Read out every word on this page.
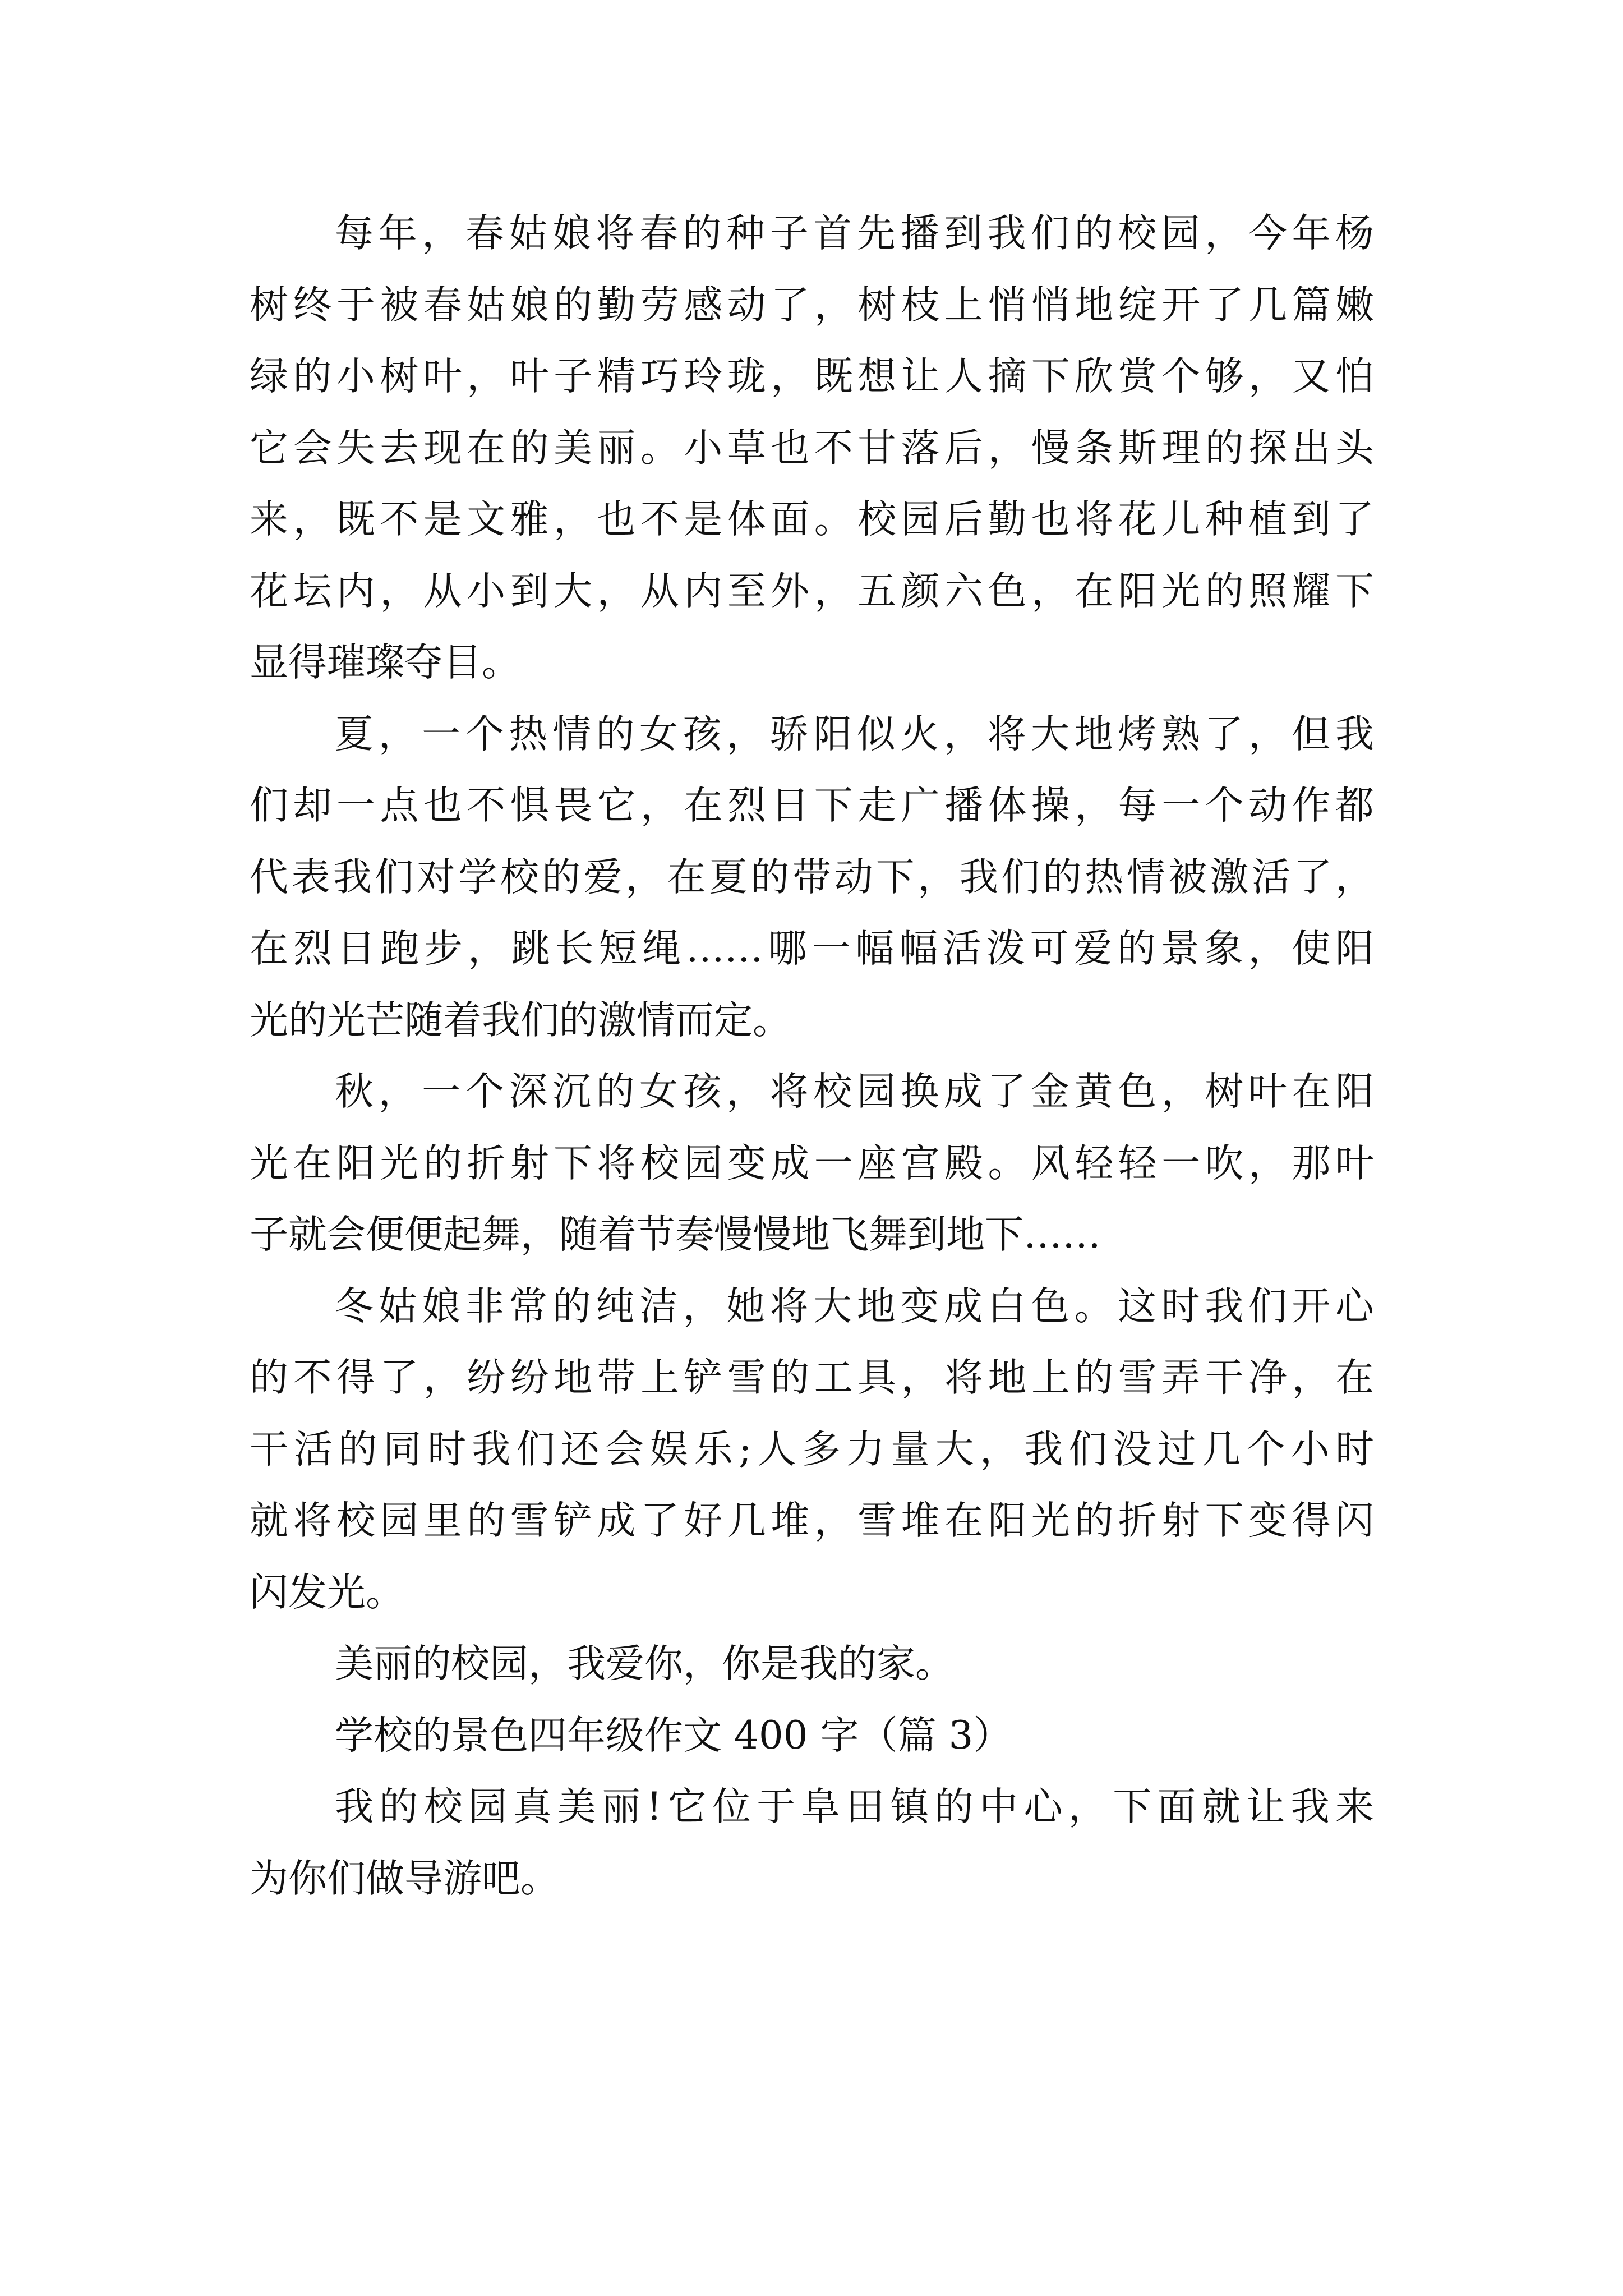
每年，春姑娘将春的种子首先播到我们的校园，今年杨
树终于被春姑娘的勤劳感动了，树枝上悄悄地绽开了几篇嫩
绿的小树叶，叶子精巧玲珑，既想让人摘下欣赏个够，又怕
它会失去现在的美丽。小草也不甘落后，慢条斯理的探出头
来，既不是文雅，也不是体面。校园后勤也将花儿种植到了
花坛内，从小到大，从内至外，五颜六色，在阳光的照耀下
显得璀璨夺目。
夏，一个热情的女孩，骄阳似火，将大地烤熟了，但我
们却一点也不惧畏它，在烈日下走广播体操，每一个动作都
代表我们对学校的爱，在夏的带动下，我们的热情被激活了，
在烈日跑步，跳长短绳……哪一幅幅活泼可爱的景象，使阳
光的光芒随着我们的激情而定。
秋，一个深沉的女孩，将校园换成了金黄色，树叶在阳
光在阳光的折射下将校园变成一座宫殿。风轻轻一吹，那叶
子就会便便起舞，随着节奏慢慢地飞舞到地下……
冬姑娘非常的纯洁，她将大地变成白色。这时我们开心
的不得了，纷纷地带上铲雪的工具，将地上的雪弄干净，在
干活的同时我们还会娱乐;人多力量大，我们没过几个小时
就将校园里的雪铲成了好几堆，雪堆在阳光的折射下变得闪
闪发光。
美丽的校园，我爱你，你是我的家。
学校的景色四年级作文 400 字（篇 3）
我的校园真美丽!它位于阜田镇的中心，下面就让我来
为你们做导游吧。
